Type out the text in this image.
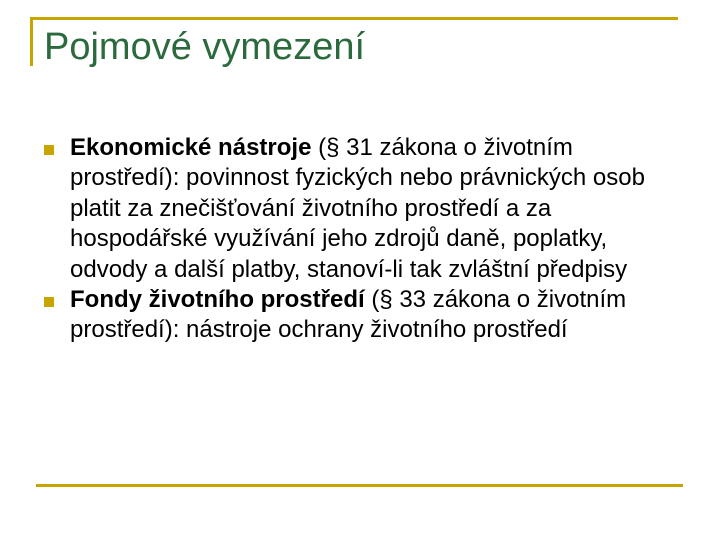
Pojmové vymezení
Ekonomické nástroje (§ 31 zákona o životním prostředí): povinnost fyzických nebo právnických osob platit za znečišťování životního prostředí a za hospodářské využívání jeho zdrojů daně, poplatky, odvody a další platby, stanoví-li tak zvláštní předpisy
Fondy životního prostředí (§ 33 zákona o životním prostředí): nástroje ochrany životního prostředí
